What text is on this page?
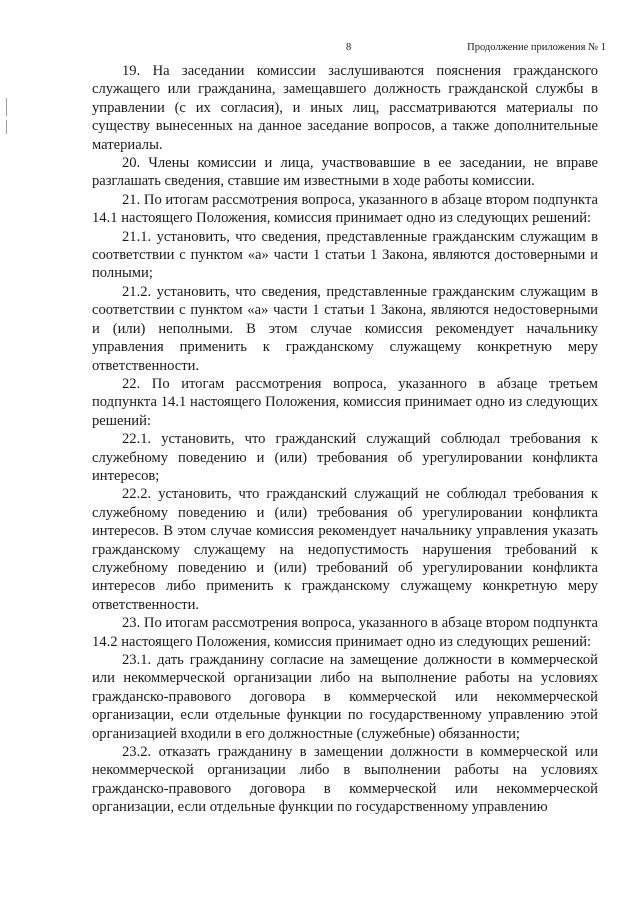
8	Продолжение приложения № 1

19. На заседании комиссии заслушиваются пояснения гражданского служащего или гражданина, замещавшего должность гражданской службы в управлении (с их согласия), и иных лиц, рассматриваются материалы по существу вынесенных на данное заседание вопросов, а также дополнительные материалы.

20. Члены комиссии и лица, участвовавшие в ее заседании, не вправе разглашать сведения, ставшие им известными в ходе работы комиссии.

21. По итогам рассмотрения вопроса, указанного в абзаце втором подпункта 14.1 настоящего Положения, комиссия принимает одно из следующих решений:

21.1. установить, что сведения, представленные гражданским служащим в соответствии с пунктом «а» части 1 статьи 1 Закона, являются достоверными и полными;

21.2. установить, что сведения, представленные гражданским служащим в соответствии с пунктом «а» части 1 статьи 1 Закона, являются недостоверными и (или) неполными. В этом случае комиссия рекомендует начальнику управления применить к гражданскому служащему конкретную меру ответственности.

22. По итогам рассмотрения вопроса, указанного в абзаце третьем подпункта 14.1 настоящего Положения, комиссия принимает одно из следующих решений:

22.1. установить, что гражданский служащий соблюдал требования к служебному поведению и (или) требования об урегулировании конфликта интересов;

22.2. установить, что гражданский служащий не соблюдал требования к служебному поведению и (или) требования об урегулировании конфликта интересов. В этом случае комиссия рекомендует начальнику управления указать гражданскому служащему на недопустимость нарушения требований к служебному поведению и (или) требований об урегулировании конфликта интересов либо применить к гражданскому служащему конкретную меру ответственности.

23. По итогам рассмотрения вопроса, указанного в абзаце втором подпункта 14.2 настоящего Положения, комиссия принимает одно из следующих решений:

23.1. дать гражданину согласие на замещение должности в коммерческой или некоммерческой организации либо на выполнение работы на условиях гражданско-правового договора в коммерческой или некоммерческой организации, если отдельные функции по государственному управлению этой организацией входили в его должностные (служебные) обязанности;

23.2. отказать гражданину в замещении должности в коммерческой или некоммерческой организации либо в выполнении работы на условиях гражданско-правового договора в коммерческой или некоммерческой организации, если отдельные функции по государственному управлению
